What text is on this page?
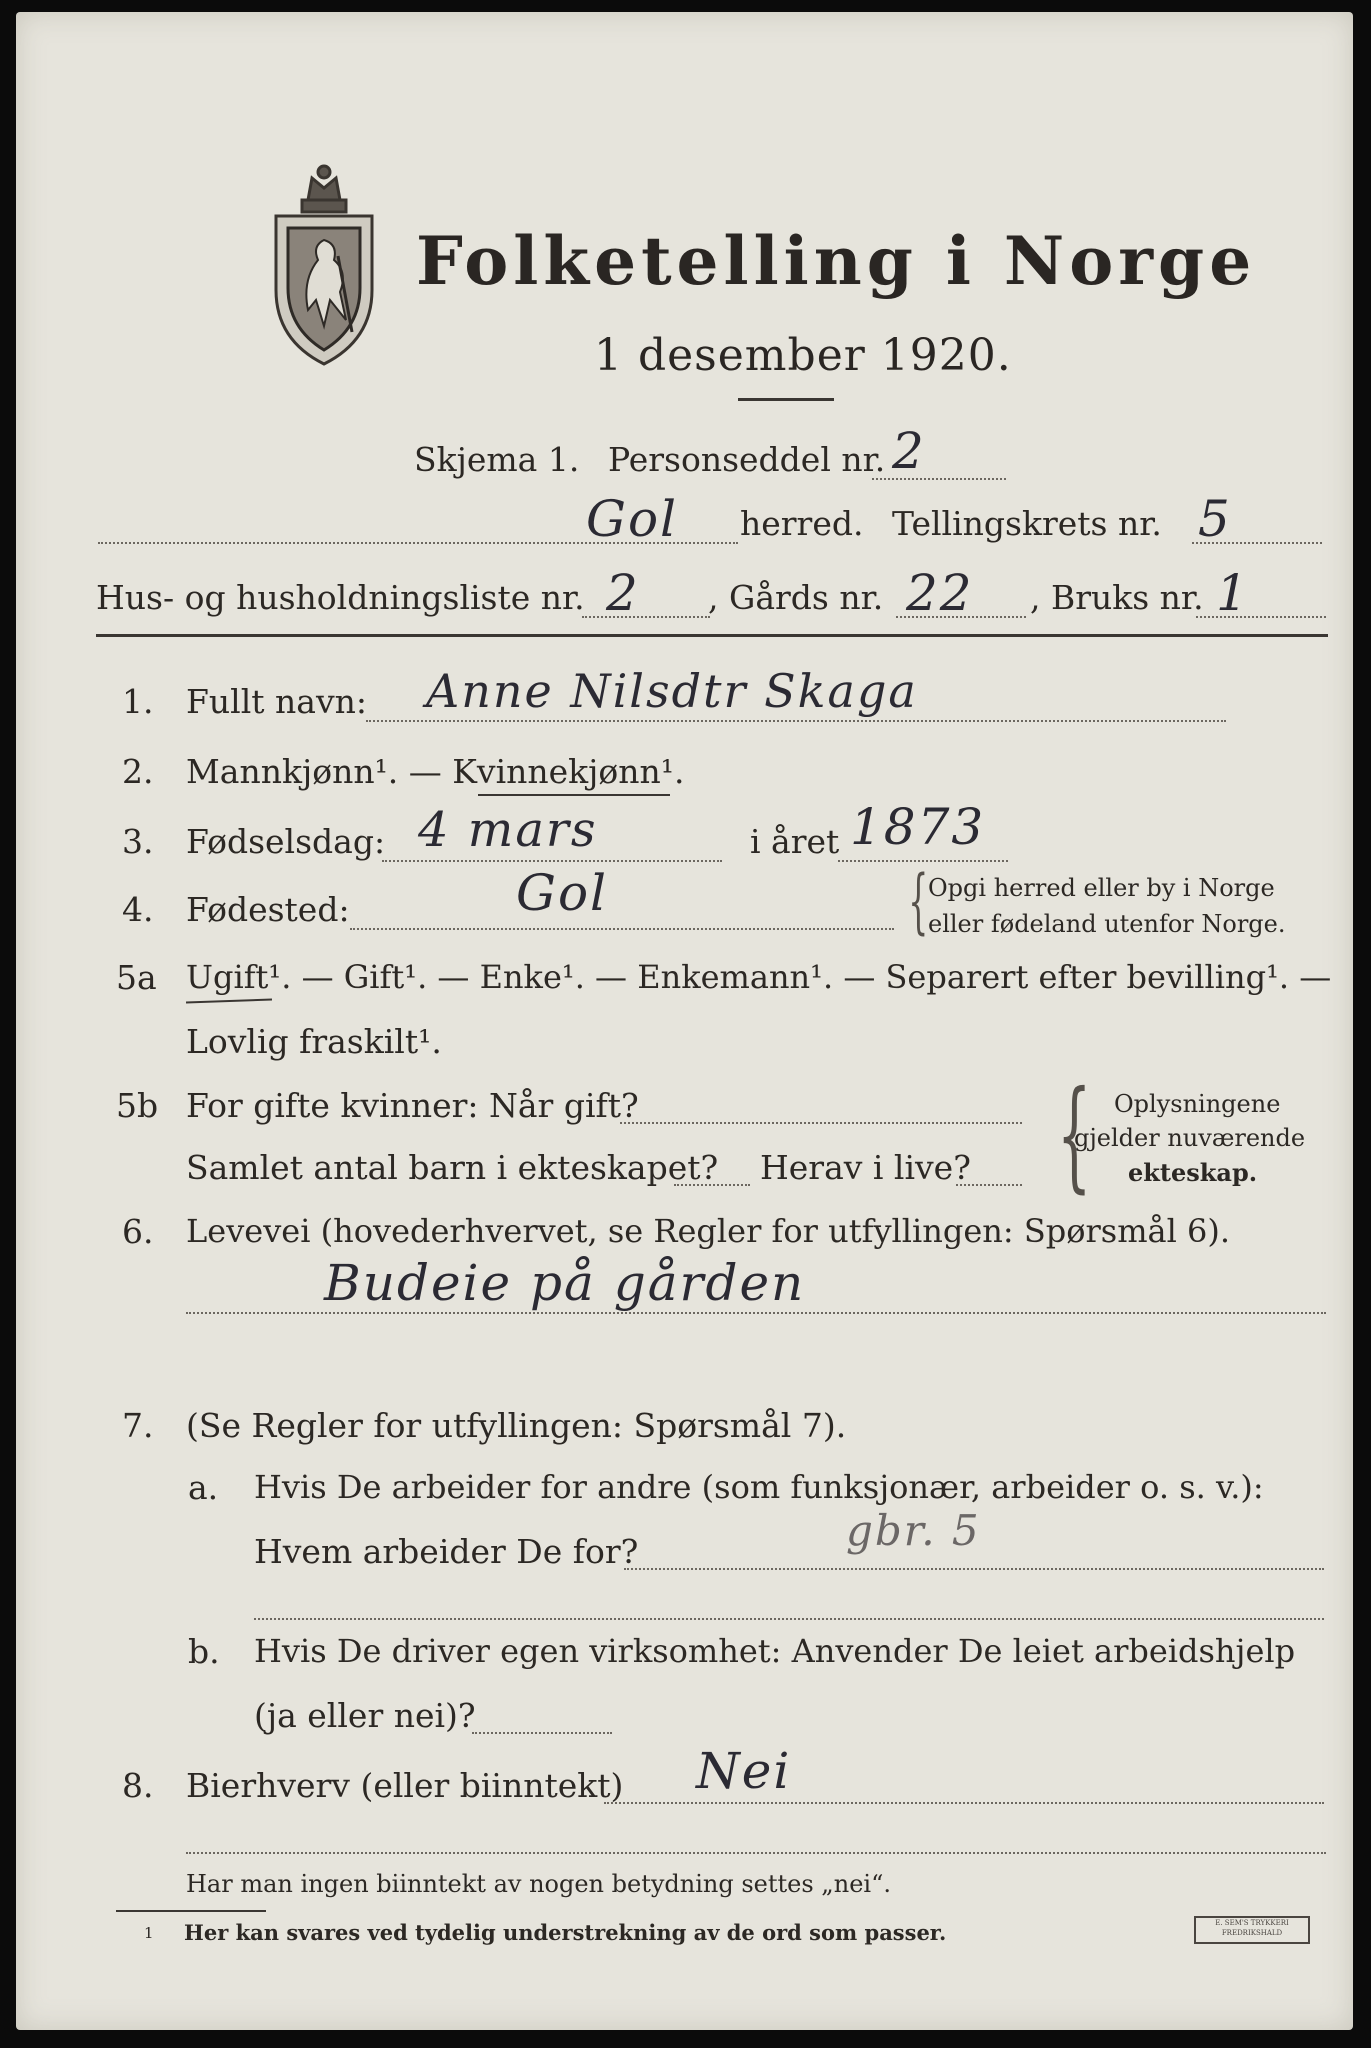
Folketelling i Norge
1 desember 1920.
Skjema 1. Personseddel nr. 2
Gol herred. Tellingskrets nr. 5
Hus- og husholdningsliste nr. 2 , Gårds nr. 22 , Bruks nr. 1
1. Fullt navn: Anne Nilsdtr Skaga
2. Mannkjønn¹. — Kvinnekjønn¹.
3. Fødselsdag: 4 mars	i året 1873
4. Fødested:	Gol	{ Opgi herred eller by i Norge
eller fødeland utenfor Norge.
5a Ugift¹. — Gift¹. — Enke¹. — Enkemann¹. — Separert efter bevilling¹. —
Lovlig fraskilt¹.
5b For gifte kvinner: Når gift?
Samlet antal barn i ekteskapet? Herav i live? { Oplysningene
gjelder nuværende
ekteskap.
6. Levevei (hovederhvervet, se Regler for utfyllingen: Spørsmål 6).
Budeie på gården
7. (Se Regler for utfyllingen: Spørsmål 7).
a. Hvis De arbeider for andre (som funksjonær, arbeider o. s. v.):
Hvem arbeider De for?	gbr. 5
b. Hvis De driver egen virksomhet: Anvender De leiet arbeidshjelp
(ja eller nei)?
8. Bierhverv (eller biinntekt) Nei
Har man ingen biinntekt av nogen betydning settes „nei“.
1 Her kan svares ved tydelig understrekning av de ord som passer.	E. SEM'S TRYKKERI FREDRIKSHALD
